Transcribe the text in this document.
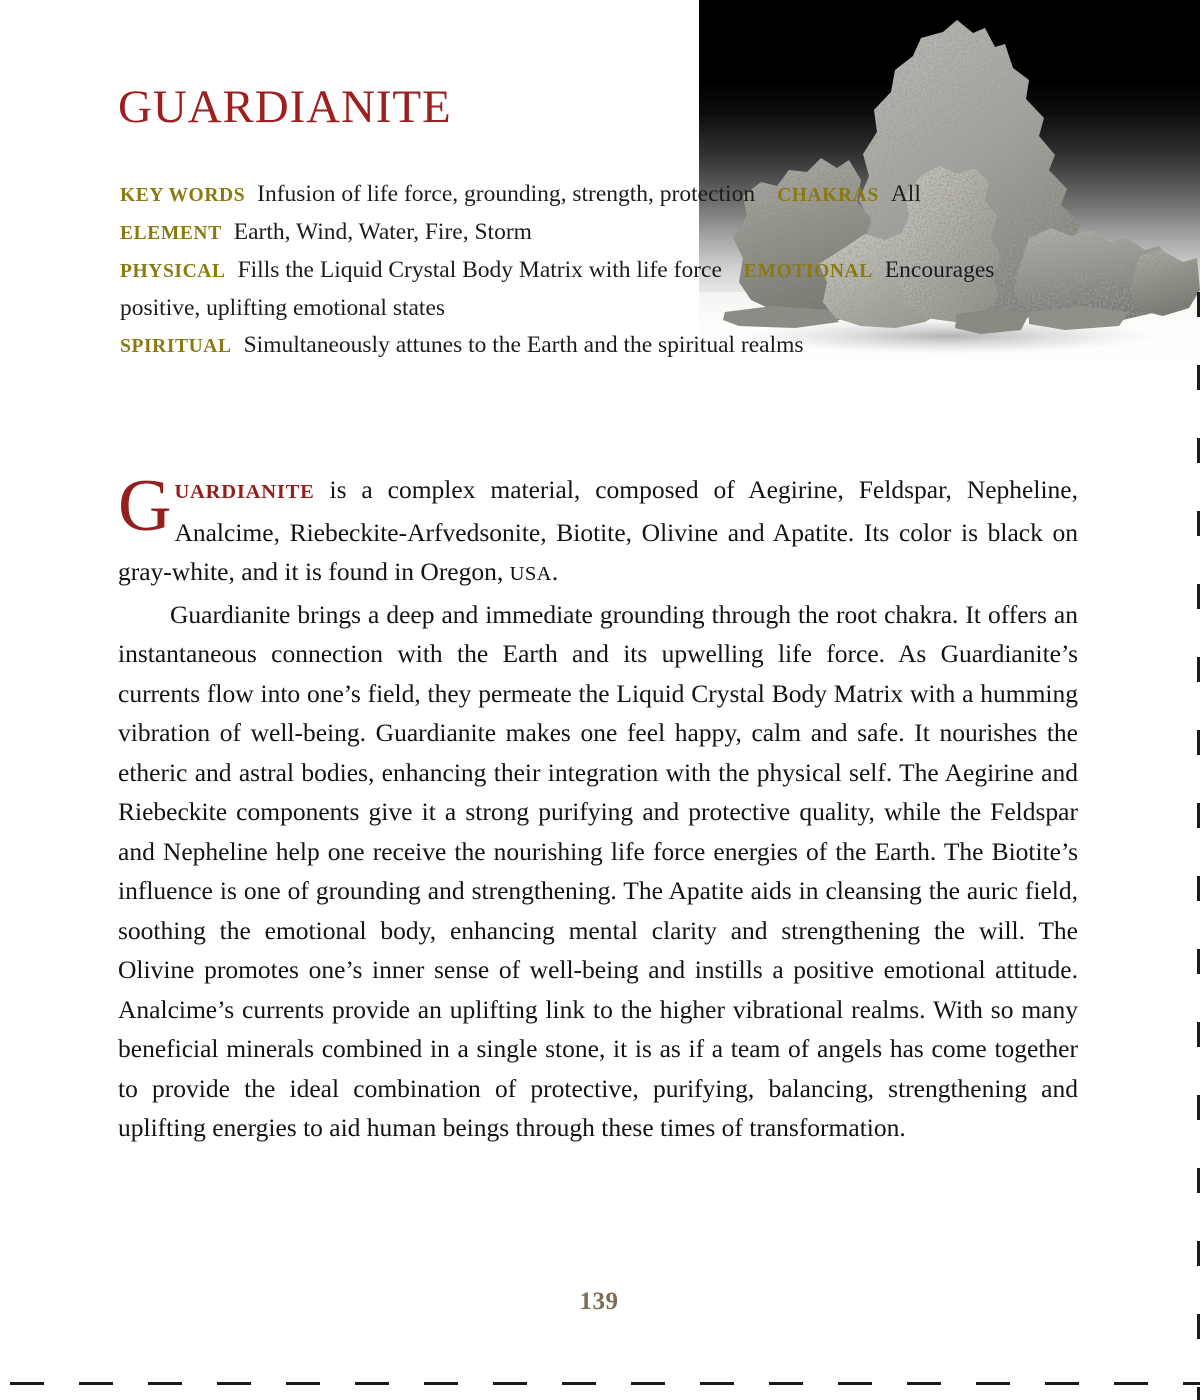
GUARDIANITE
KEY WORDS Infusion of life force, grounding, strength, protection CHAKRAS All
ELEMENT Earth, Wind, Water, Fire, Storm
PHYSICAL Fills the Liquid Crystal Body Matrix with life force EMOTIONAL Encourages positive, uplifting emotional states
SPIRITUAL Simultaneously attunes to the Earth and the spiritual realms

GUARDIANITE is a complex material, composed of Aegirine, Feldspar, Nepheline, Analcime, Riebeckite-Arfvedsonite, Biotite, Olivine and Apatite. Its color is black on gray-white, and it is found in Oregon, USA.

Guardianite brings a deep and immediate grounding through the root chakra. It offers an instantaneous connection with the Earth and its upwelling life force. As Guardianite’s currents flow into one’s field, they permeate the Liquid Crystal Body Matrix with a humming vibration of well-being. Guardianite makes one feel happy, calm and safe. It nourishes the etheric and astral bodies, enhancing their integration with the physical self. The Aegirine and Riebeckite components give it a strong purifying and protective quality, while the Feldspar and Nepheline help one receive the nourishing life force energies of the Earth. The Biotite’s influence is one of grounding and strengthening. The Apatite aids in cleansing the auric field, soothing the emotional body, enhancing mental clarity and strengthening the will. The Olivine promotes one’s inner sense of well-being and instills a positive emotional attitude. Analcime’s currents provide an uplifting link to the higher vibrational realms. With so many beneficial minerals combined in a single stone, it is as if a team of angels has come together to provide the ideal combination of protective, purifying, balancing, strengthening and uplifting energies to aid human beings through these times of transformation.

139
